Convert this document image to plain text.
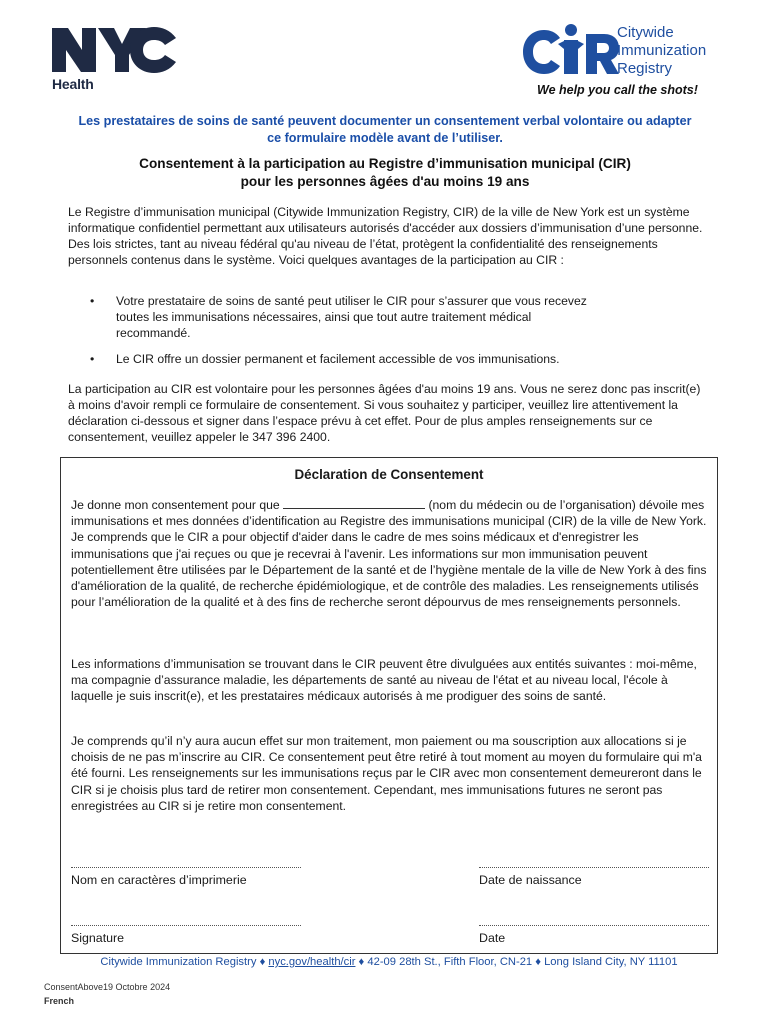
Health
Citywide
Immunization
Registry
We help you call the shots!
Les prestataires de soins de santé peuvent documenter un consentement verbal volontaire ou adapter ce formulaire modèle avant de l’utiliser.
Consentement à la participation au Registre d’immunisation municipal (CIR)
pour les personnes âgées d'au moins 19 ans
Le Registre d’immunisation municipal (Citywide Immunization Registry, CIR) de la ville de New York est un système informatique confidentiel permettant aux utilisateurs autorisés d'accéder aux dossiers d’immunisation d’une personne. Des lois strictes, tant au niveau fédéral qu'au niveau de l’état, protègent la confidentialité des renseignements personnels contenus dans le système. Voici quelques avantages de la participation au CIR :
• Votre prestataire de soins de santé peut utiliser le CIR pour s’assurer que vous recevez toutes les immunisations nécessaires, ainsi que tout autre traitement médical recommandé.
• Le CIR offre un dossier permanent et facilement accessible de vos immunisations.
La participation au CIR est volontaire pour les personnes âgées d'au moins 19 ans. Vous ne serez donc pas inscrit(e) à moins d'avoir rempli ce formulaire de consentement. Si vous souhaitez y participer, veuillez lire attentivement la déclaration ci-dessous et signer dans l’espace prévu à cet effet. Pour de plus amples renseignements sur ce consentement, veuillez appeler le 347 396 2400.
Déclaration de Consentement
Je donne mon consentement pour que	(nom du médecin ou de l’organisation) dévoile mes immunisations et mes données d’identification au Registre des immunisations municipal (CIR) de la ville de New York. Je comprends que le CIR a pour objectif d'aider dans le cadre de mes soins médicaux et d'enregistrer les immunisations que j'ai reçues ou que je recevrai à l'avenir. Les informations sur mon immunisation peuvent potentiellement être utilisées par le Département de la santé et de l’hygiène mentale de la ville de New York à des fins d'amélioration de la qualité, de recherche épidémiologique, et de contrôle des maladies. Les renseignements utilisés pour l’amélioration de la qualité et à des fins de recherche seront dépourvus de mes renseignements personnels.
Les informations d’immunisation se trouvant dans le CIR peuvent être divulguées aux entités suivantes : moi-même, ma compagnie d’assurance maladie, les départements de santé au niveau de l'état et au niveau local, l'école à laquelle je suis inscrit(e), et les prestataires médicaux autorisés à me prodiguer des soins de santé.
Je comprends qu’il n’y aura aucun effet sur mon traitement, mon paiement ou ma souscription aux allocations si je choisis de ne pas m’inscrire au CIR. Ce consentement peut être retiré à tout moment au moyen du formulaire qui m'a été fourni. Les renseignements sur les immunisations reçus par le CIR avec mon consentement demeureront dans le CIR si je choisis plus tard de retirer mon consentement. Cependant, mes immunisations futures ne seront pas enregistrées au CIR si je retire mon consentement.
Nom en caractères d’imprimerie	Date de naissance
Signature	Date
Citywide Immunization Registry ♦ nyc.gov/health/cir ♦ 42-09 28th St., Fifth Floor, CN-21 ♦ Long Island City, NY 11101
ConsentAbove19 Octobre 2024
French
